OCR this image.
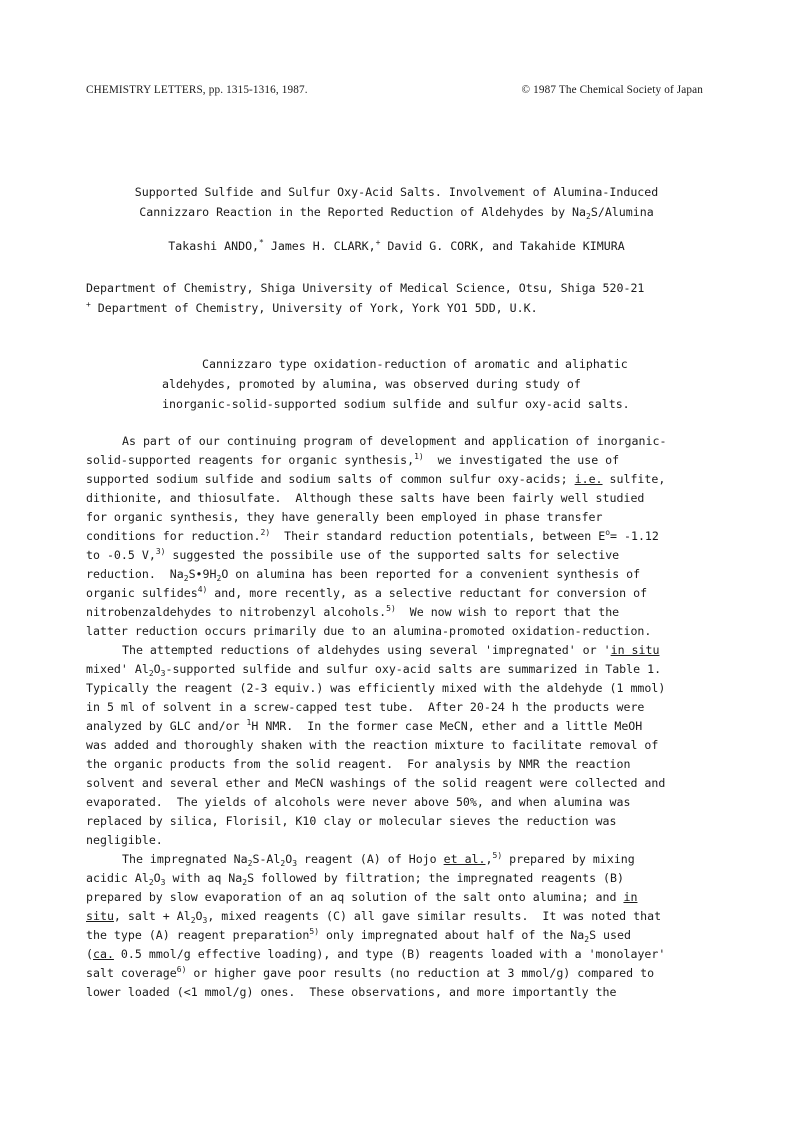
CHEMISTRY LETTERS, pp. 1315-1316, 1987.	© 1987 The Chemical Society of Japan
Supported Sulfide and Sulfur Oxy-Acid Salts. Involvement of Alumina-Induced
Cannizzaro Reaction in the Reported Reduction of Aldehydes by $Na_2S$/Alumina
Takashi ANDO,* James H. CLARK,+ David G. CORK, and Takahide KIMURA
Department of Chemistry, Shiga University of Medical Science, Otsu, Shiga 520-21
+ Department of Chemistry, University of York, York YO1 5DD, U.K.
Cannizzaro type oxidation-reduction of aromatic and aliphatic
aldehydes, promoted by alumina, was observed during study of
inorganic-solid-supported sodium sulfide and sulfur oxy-acid salts.
As part of our continuing program of development and application of inorganic-
solid-supported reagents for organic synthesis,$^{1)}$  we investigated the use of
supported sodium sulfide and sodium salts of common sulfur oxy-acids; i.e. sulfite,
dithionite, and thiosulfate.  Although these salts have been fairly well studied
for organic synthesis, they have generally been employed in phase transfer
conditions for reduction.$^{2)}$  Their standard reduction potentials, between $E^o= -1.12$
to -0.5 V,$^{3)}$ suggested the possibile use of the supported salts for selective
reduction.  $Na_2S•9H_2O$ on alumina has been reported for a convenient synthesis of
organic sulfides$^{4)}$ and, more recently, as a selective reductant for conversion of
nitrobenzaldehydes to nitrobenzyl alcohols.$^{5)}$  We now wish to report that the
latter reduction occurs primarily due to an alumina-promoted oxidation-reduction.
The attempted reductions of aldehydes using several 'impregnated' or 'in situ
mixed' $Al_2O_3$-supported sulfide and sulfur oxy-acid salts are summarized in Table 1.
Typically the reagent (2-3 equiv.) was efficiently mixed with the aldehyde (1 mmol)
in 5 ml of solvent in a screw-capped test tube.  After 20-24 h the products were
analyzed by GLC and/or $^1$H NMR.  In the former case MeCN, ether and a little MeOH
was added and thoroughly shaken with the reaction mixture to facilitate removal of
the organic products from the solid reagent.  For analysis by NMR the reaction
solvent and several ether and MeCN washings of the solid reagent were collected and
evaporated.  The yields of alcohols were never above 50%, and when alumina was
replaced by silica, Florisil, K10 clay or molecular sieves the reduction was
negligible.
The impregnated $Na_2S-Al_2O_3$ reagent (A) of Hojo et al.,$^{5)}$ prepared by mixing
acidic $Al_2O_3$ with aq $Na_2S$ followed by filtration; the impregnated reagents (B)
prepared by slow evaporation of an aq solution of the salt onto alumina; and in
situ, salt + $Al_2O_3$, mixed reagents (C) all gave similar results.  It was noted that
the type (A) reagent preparation$^{5)}$ only impregnated about half of the $Na_2S$ used
(ca. 0.5 mmol/g effective loading), and type (B) reagents loaded with a 'monolayer'
salt coverage$^{6)}$ or higher gave poor results (no reduction at 3 mmol/g) compared to
lower loaded (<1 mmol/g) ones.  These observations, and more importantly the
